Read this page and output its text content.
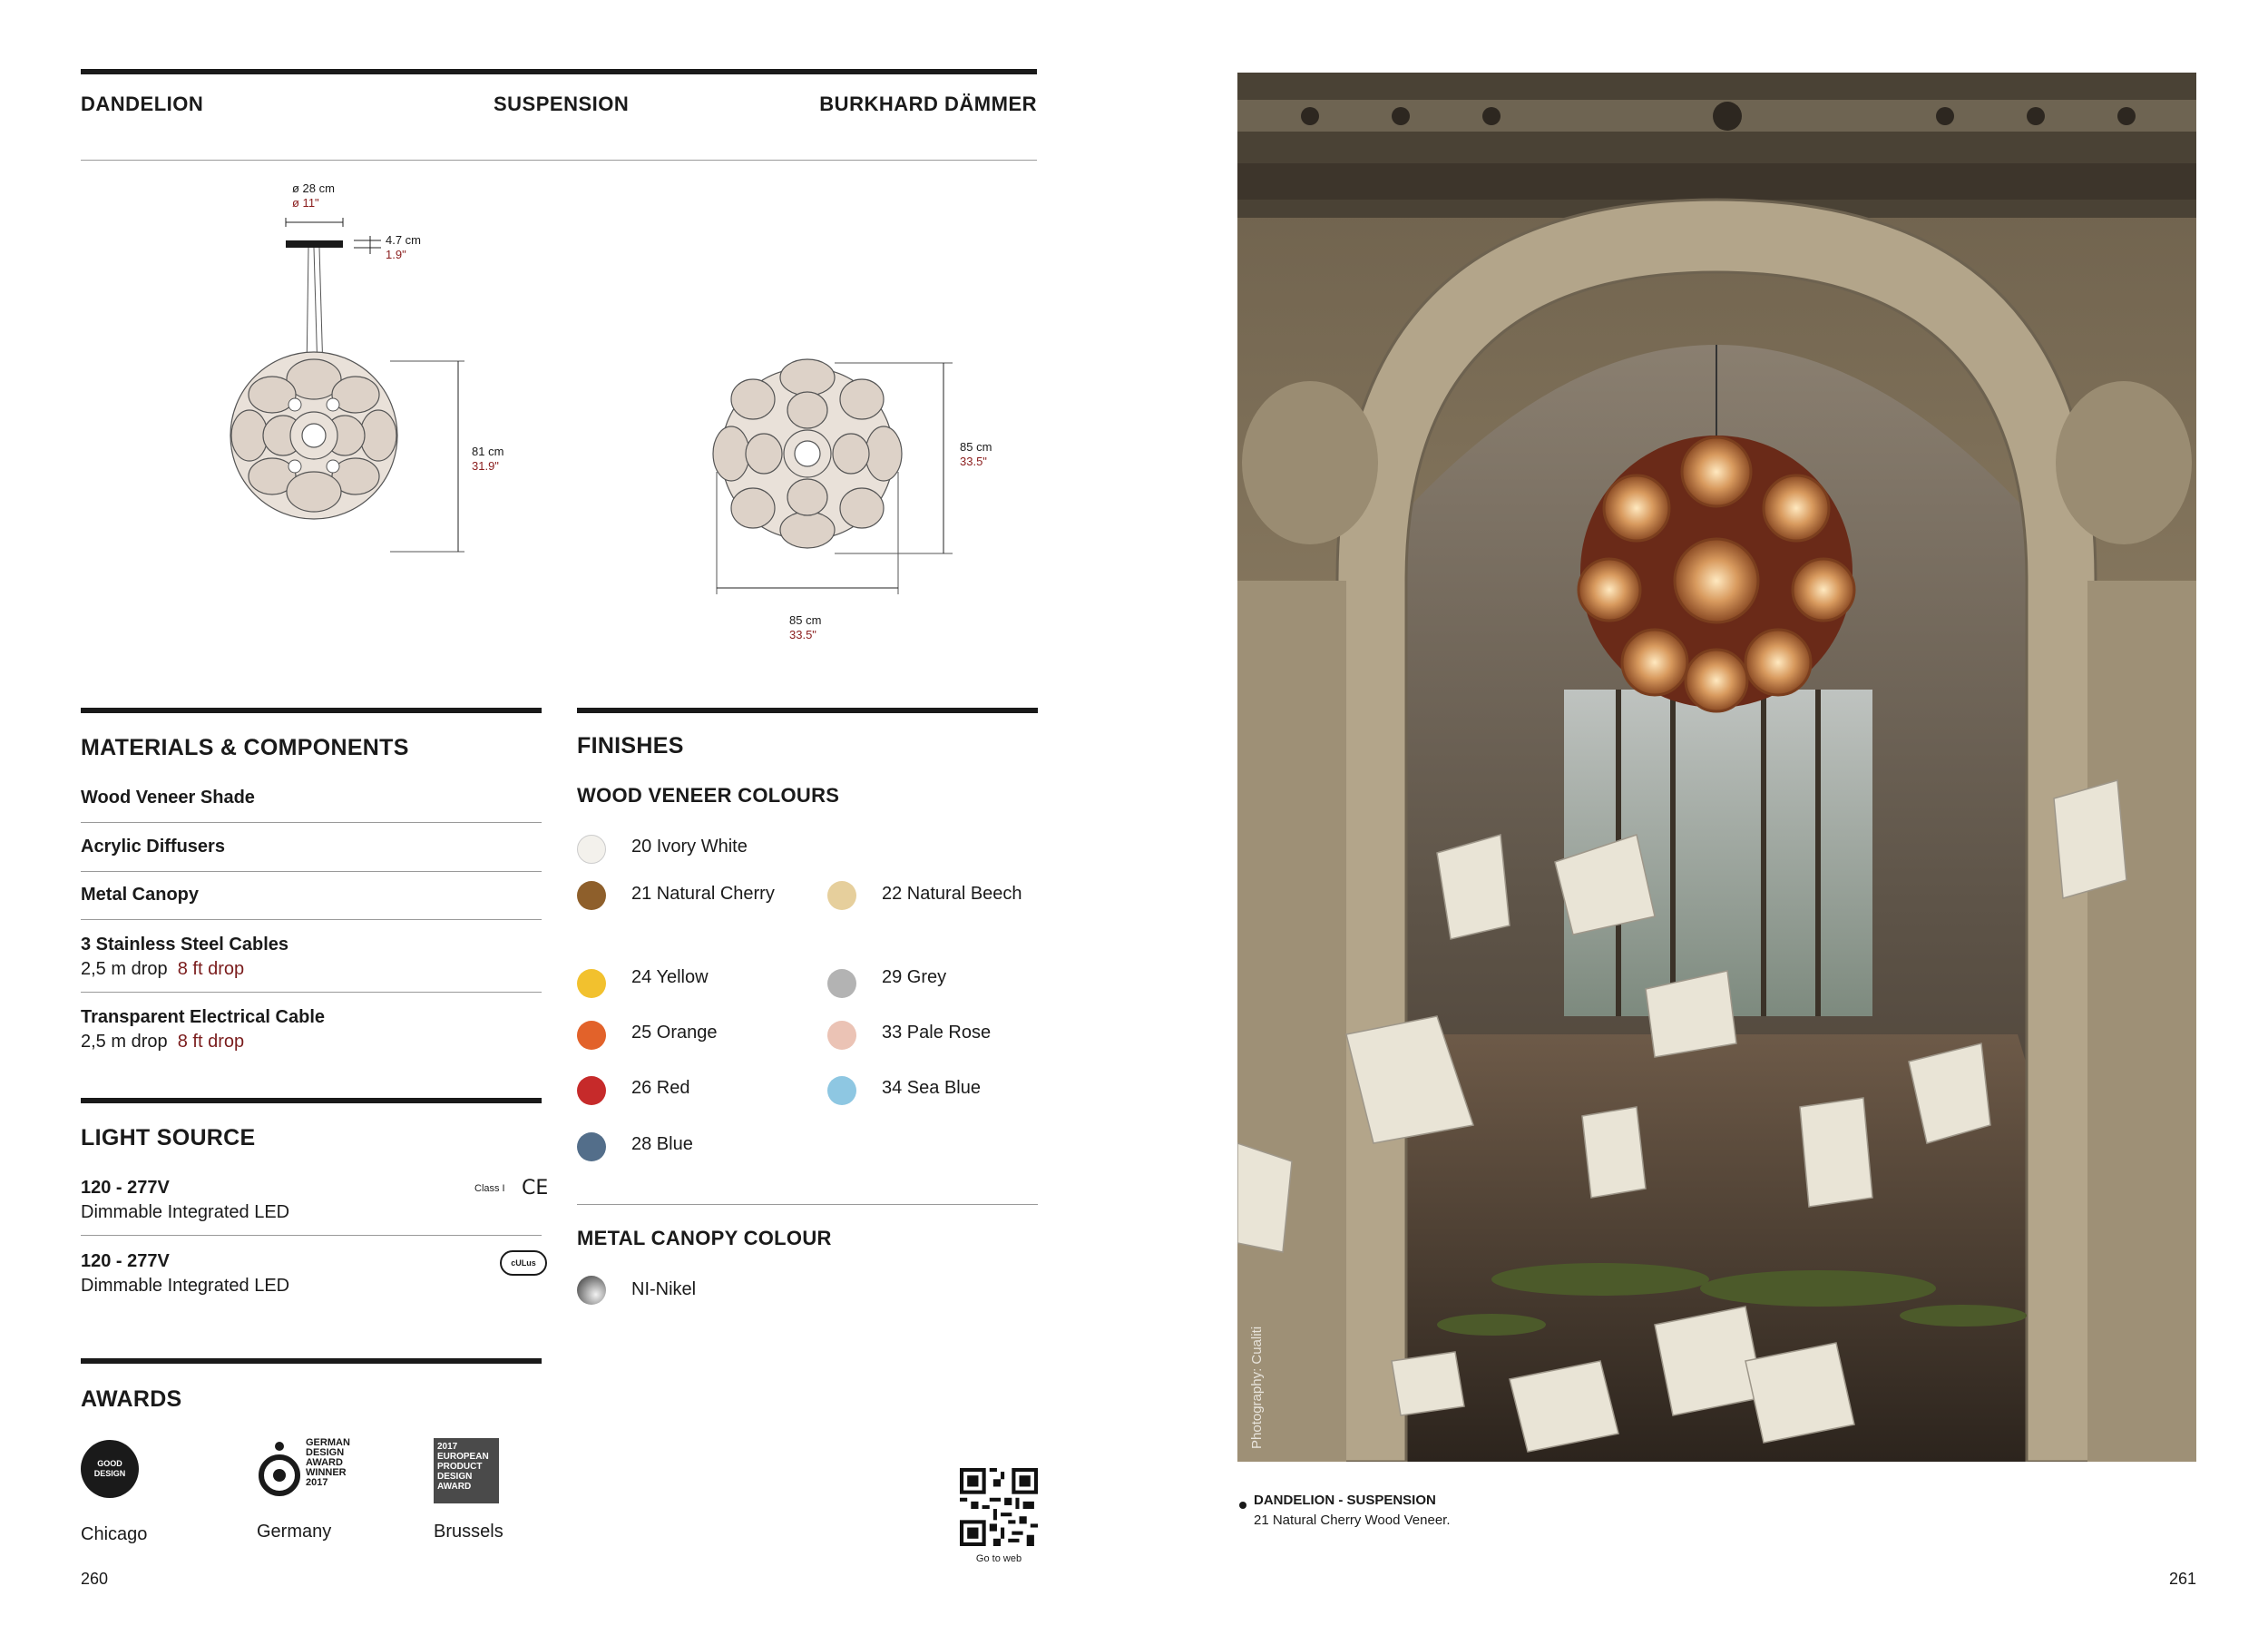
DANDELION	SUSPENSION	BURKHARD DÄMMER
ø 28 cm
ø 11"
4.7 cm
1.9"
81 cm
31.9"
85 cm
33.5"
85 cm
33.5"
MATERIALS & COMPONENTS
Wood Veneer Shade
Acrylic Diffusers
Metal Canopy
3 Stainless Steel Cables
2,5 m drop 8 ft drop
Transparent Electrical Cable
2,5 m drop 8 ft drop
LIGHT SOURCE
120 - 277V
Dimmable Integrated LED
Class I CE
120 - 277V
Dimmable Integrated LED
cULus
AWARDS
GOOD DESIGN
Chicago
GERMAN DESIGN AWARD WINNER 2017
Germany
2017 EUROPEAN PRODUCT DESIGN AWARD
Brussels
260
FINISHES
WOOD VENEER COLOURS
20 Ivory White
21 Natural Cherry	22 Natural Beech
24 Yellow	29 Grey
25 Orange	33 Pale Rose
26 Red	34 Sea Blue
28 Blue
METAL CANOPY COLOUR
NI-Nikel
Go to web
Photography: Cualiti
DANDELION - SUSPENSION
21 Natural Cherry Wood Veneer.
261
